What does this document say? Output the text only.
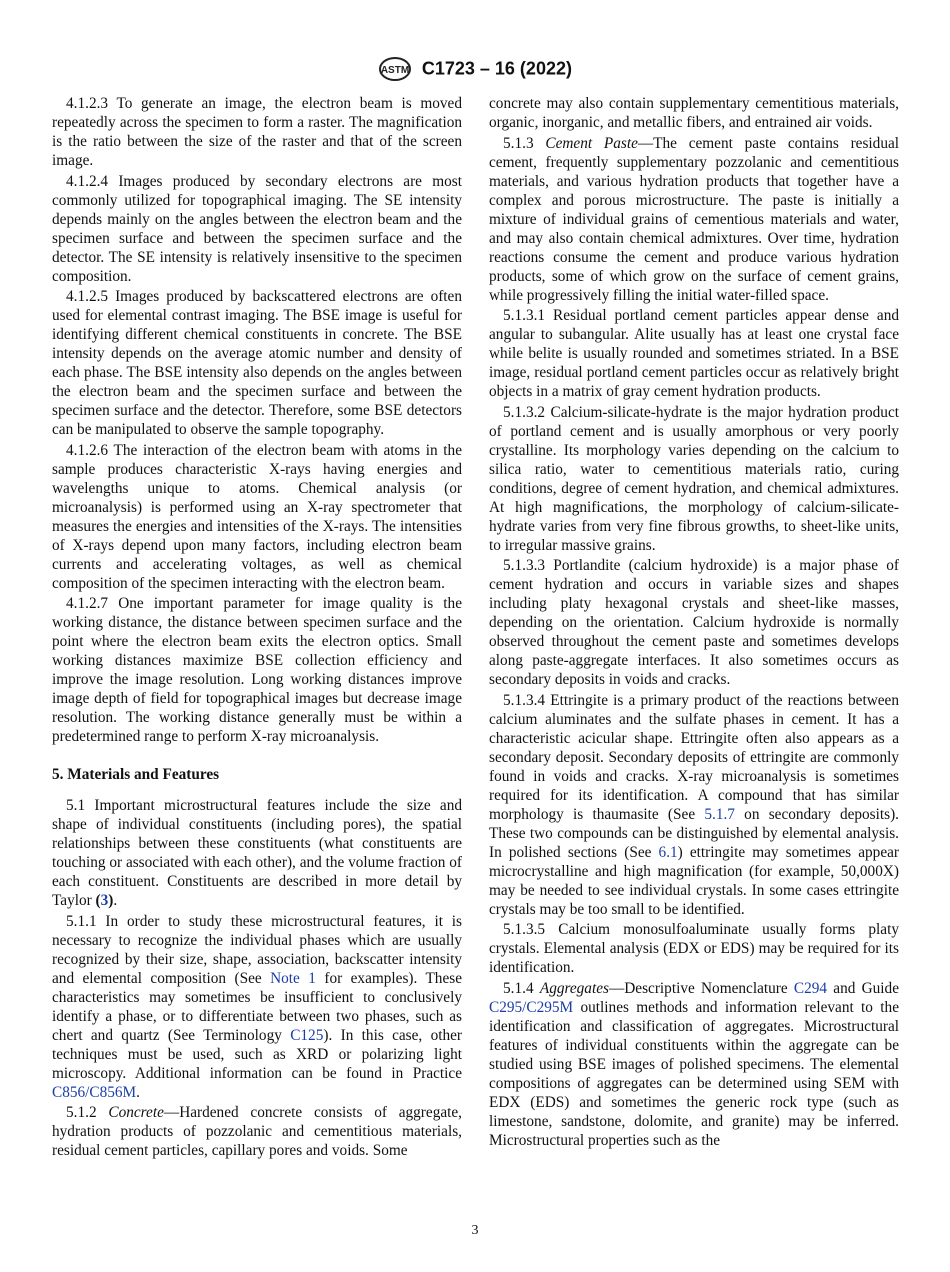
ASTM C1723 – 16 (2022)

4.1.2.3 To generate an image, the electron beam is moved repeatedly across the specimen to form a raster. The magnification is the ratio between the size of the raster and that of the screen image.

4.1.2.4 Images produced by secondary electrons are most commonly utilized for topographical imaging. The SE intensity depends mainly on the angles between the electron beam and the specimen surface and between the specimen surface and the detector. The SE intensity is relatively insensitive to the specimen composition.

4.1.2.5 Images produced by backscattered electrons are often used for elemental contrast imaging. The BSE image is useful for identifying different chemical constituents in concrete. The BSE intensity depends on the average atomic number and density of each phase. The BSE intensity also depends on the angles between the electron beam and the specimen surface and between the specimen surface and the detector. Therefore, some BSE detectors can be manipulated to observe the sample topography.

4.1.2.6 The interaction of the electron beam with atoms in the sample produces characteristic X-rays having energies and wavelengths unique to atoms. Chemical analysis (or microanalysis) is performed using an X-ray spectrometer that measures the energies and intensities of the X-rays. The intensities of X-rays depend upon many factors, including electron beam currents and accelerating voltages, as well as chemical composition of the specimen interacting with the electron beam.

4.1.2.7 One important parameter for image quality is the working distance, the distance between specimen surface and the point where the electron beam exits the electron optics. Small working distances maximize BSE collection efficiency and improve the image resolution. Long working distances improve image depth of field for topographical images but decrease image resolution. The working distance generally must be within a predetermined range to perform X-ray microanalysis.

5. Materials and Features

5.1 Important microstructural features include the size and shape of individual constituents (including pores), the spatial relationships between these constituents (what constituents are touching or associated with each other), and the volume fraction of each constituent. Constituents are described in more detail by Taylor (3).

5.1.1 In order to study these microstructural features, it is necessary to recognize the individual phases which are usually recognized by their size, shape, association, backscatter intensity and elemental composition (See Note 1 for examples). These characteristics may sometimes be insufficient to conclusively identify a phase, or to differentiate between two phases, such as chert and quartz (See Terminology C125). In this case, other techniques must be used, such as XRD or polarizing light microscopy. Additional information can be found in Practice C856/C856M.

5.1.2 Concrete—Hardened concrete consists of aggregate, hydration products of pozzolanic and cementitious materials, residual cement particles, capillary pores and voids. Some

concrete may also contain supplementary cementitious materials, organic, inorganic, and metallic fibers, and entrained air voids.

5.1.3 Cement Paste—The cement paste contains residual cement, frequently supplementary pozzolanic and cementitious materials, and various hydration products that together have a complex and porous microstructure. The paste is initially a mixture of individual grains of cementious materials and water, and may also contain chemical admixtures. Over time, hydration reactions consume the cement and produce various hydration products, some of which grow on the surface of cement grains, while progressively filling the initial water-filled space.

5.1.3.1 Residual portland cement particles appear dense and angular to subangular. Alite usually has at least one crystal face while belite is usually rounded and sometimes striated. In a BSE image, residual portland cement particles occur as relatively bright objects in a matrix of gray cement hydration products.

5.1.3.2 Calcium-silicate-hydrate is the major hydration product of portland cement and is usually amorphous or very poorly crystalline. Its morphology varies depending on the calcium to silica ratio, water to cementitious materials ratio, curing conditions, degree of cement hydration, and chemical admixtures. At high magnifications, the morphology of calcium-silicate-hydrate varies from very fine fibrous growths, to sheet-like units, to irregular massive grains.

5.1.3.3 Portlandite (calcium hydroxide) is a major phase of cement hydration and occurs in variable sizes and shapes including platy hexagonal crystals and sheet-like masses, depending on the orientation. Calcium hydroxide is normally observed throughout the cement paste and sometimes develops along paste-aggregate interfaces. It also sometimes occurs as secondary deposits in voids and cracks.

5.1.3.4 Ettringite is a primary product of the reactions between calcium aluminates and the sulfate phases in cement. It has a characteristic acicular shape. Ettringite often also appears as a secondary deposit. Secondary deposits of ettringite are commonly found in voids and cracks. X-ray microanalysis is sometimes required for its identification. A compound that has similar morphology is thaumasite (See 5.1.7 on secondary deposits). These two compounds can be distinguished by elemental analysis. In polished sections (See 6.1) ettringite may sometimes appear microcrystalline and high magnification (for example, 50,000X) may be needed to see individual crystals. In some cases ettringite crystals may be too small to be identified.

5.1.3.5 Calcium monosulfoaluminate usually forms platy crystals. Elemental analysis (EDX or EDS) may be required for its identification.

5.1.4 Aggregates—Descriptive Nomenclature C294 and Guide C295/C295M outlines methods and information relevant to the identification and classification of aggregates. Microstructural features of individual constituents within the aggregate can be studied using BSE images of polished specimens. The elemental compositions of aggregates can be determined using SEM with EDX (EDS) and sometimes the generic rock type (such as limestone, sandstone, dolomite, and granite) may be inferred. Microstructural properties such as the

3
